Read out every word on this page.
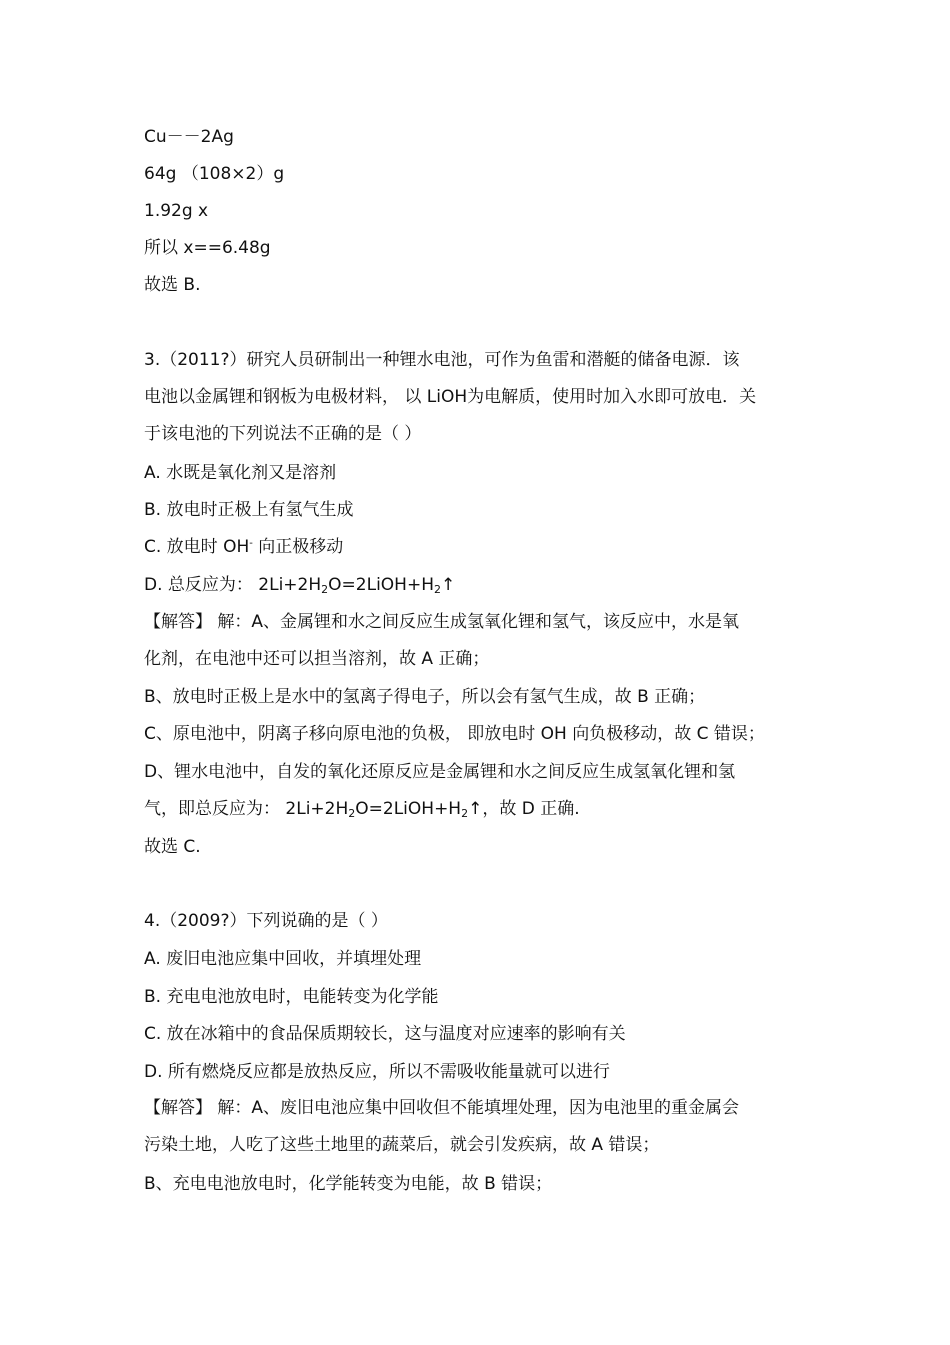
Cu－－2Ag
64g （108×2）g
1.92g x
所以 x==6.48g
故选 B.
3.（2011?）研究人员研制出一种锂水电池，可作为鱼雷和潜艇的储备电源．该
电池以金属锂和钢板为电极材料， 以 LiOH为电解质，使用时加入水即可放电．关
于该电池的下列说法不正确的是（ ）
A. 水既是氧化剂又是溶剂
B. 放电时正极上有氢气生成
C. 放电时 OH- 向正极移动
D. 总反应为： $2Li+2H_2O=2LiOH+H_2↑$
【解答】 解：A、金属锂和水之间反应生成氢氧化锂和氢气，该反应中，水是氧
化剂，在电池中还可以担当溶剂，故 A 正确；
B、放电时正极上是水中的氢离子得电子，所以会有氢气生成，故 B 正确；
C、原电池中，阴离子移向原电池的负极， 即放电时 OH 向负极移动，故 C 错误；
D、锂水电池中，自发的氧化还原反应是金属锂和水之间反应生成氢氧化锂和氢
气，即总反应为： $2Li+2H_2O=2LiOH+H_2↑$，故 D 正确.
故选 C.
4.（2009?）下列说确的是（ ）
A. 废旧电池应集中回收，并填埋处理
B. 充电电池放电时，电能转变为化学能
C. 放在冰箱中的食品保质期较长，这与温度对应速率的影响有关
D. 所有燃烧反应都是放热反应，所以不需吸收能量就可以进行
【解答】 解：A、废旧电池应集中回收但不能填埋处理，因为电池里的重金属会
污染土地，人吃了这些土地里的蔬菜后，就会引发疾病，故 A 错误；
B、充电电池放电时，化学能转变为电能，故 B 错误；
